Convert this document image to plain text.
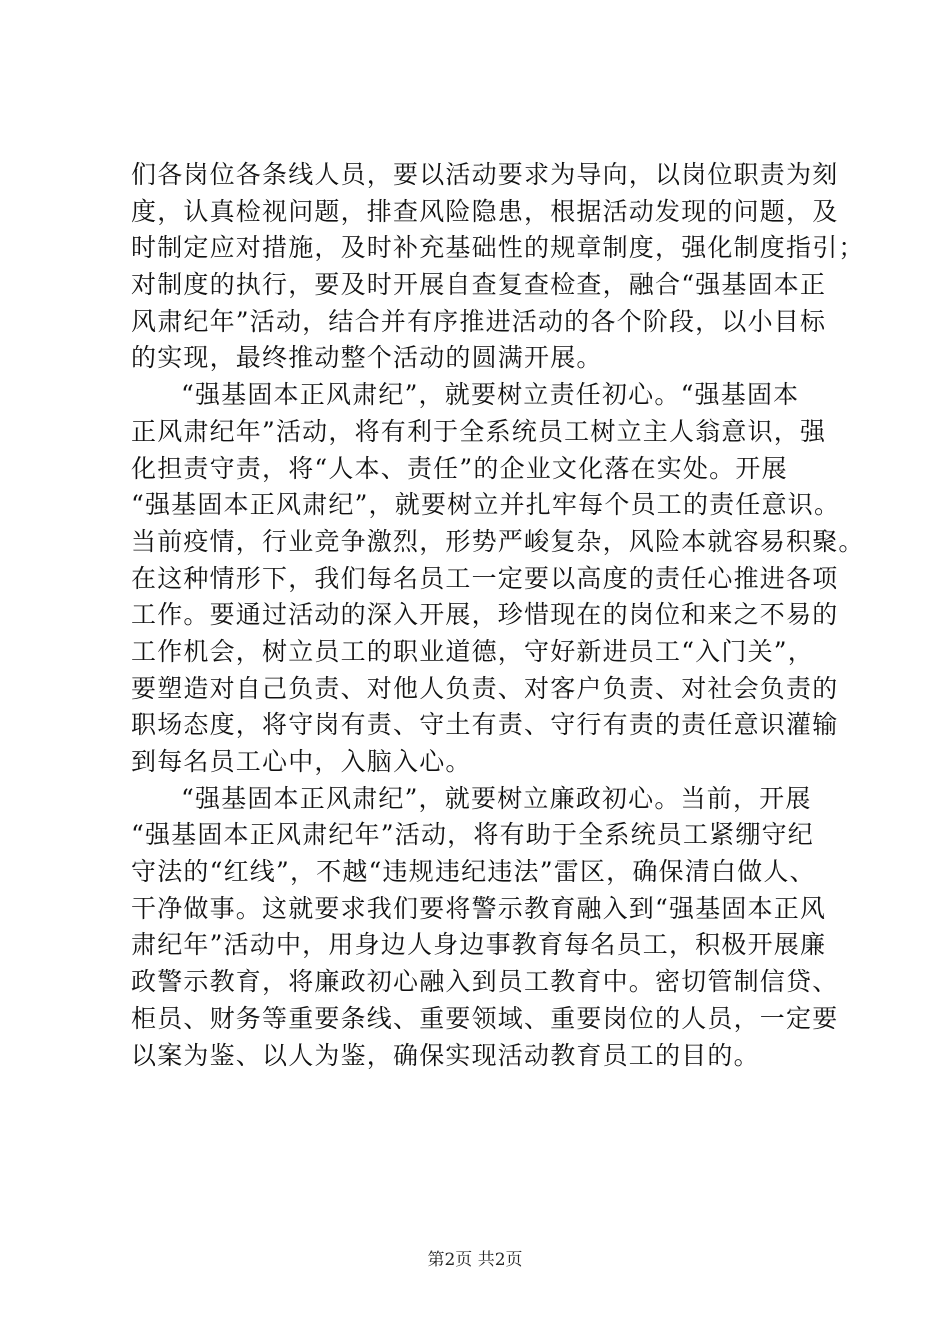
们各岗位各条线人员，要以活动要求为导向，以岗位职责为刻
度，认真检视问题，排查风险隐患，根据活动发现的问题，及
时制定应对措施，及时补充基础性的规章制度，强化制度指引；
对制度的执行，要及时开展自查复查检查，融合“强基固本正
风肃纪年”活动，结合并有序推进活动的各个阶段，以小目标
的实现，最终推动整个活动的圆满开展。
“强基固本正风肃纪”，就要树立责任初心。“强基固本
正风肃纪年”活动，将有利于全系统员工树立主人翁意识，强
化担责守责，将“人本、责任”的企业文化落在实处。开展
“强基固本正风肃纪”，就要树立并扎牢每个员工的责任意识。
当前疫情，行业竞争激烈，形势严峻复杂，风险本就容易积聚。
在这种情形下，我们每名员工一定要以高度的责任心推进各项
工作。要通过活动的深入开展，珍惜现在的岗位和来之不易的
工作机会，树立员工的职业道德，守好新进员工“入门关”，
要塑造对自己负责、对他人负责、对客户负责、对社会负责的
职场态度，将守岗有责、守土有责、守行有责的责任意识灌输
到每名员工心中，入脑入心。
“强基固本正风肃纪”，就要树立廉政初心。当前，开展
“强基固本正风肃纪年”活动，将有助于全系统员工紧绷守纪
守法的“红线”，不越“违规违纪违法”雷区，确保清白做人、
干净做事。这就要求我们要将警示教育融入到“强基固本正风
肃纪年”活动中，用身边人身边事教育每名员工，积极开展廉
政警示教育，将廉政初心融入到员工教育中。密切管制信贷、
柜员、财务等重要条线、重要领域、重要岗位的人员，一定要
以案为鉴、以人为鉴，确保实现活动教育员工的目的。
第2页 共2页
